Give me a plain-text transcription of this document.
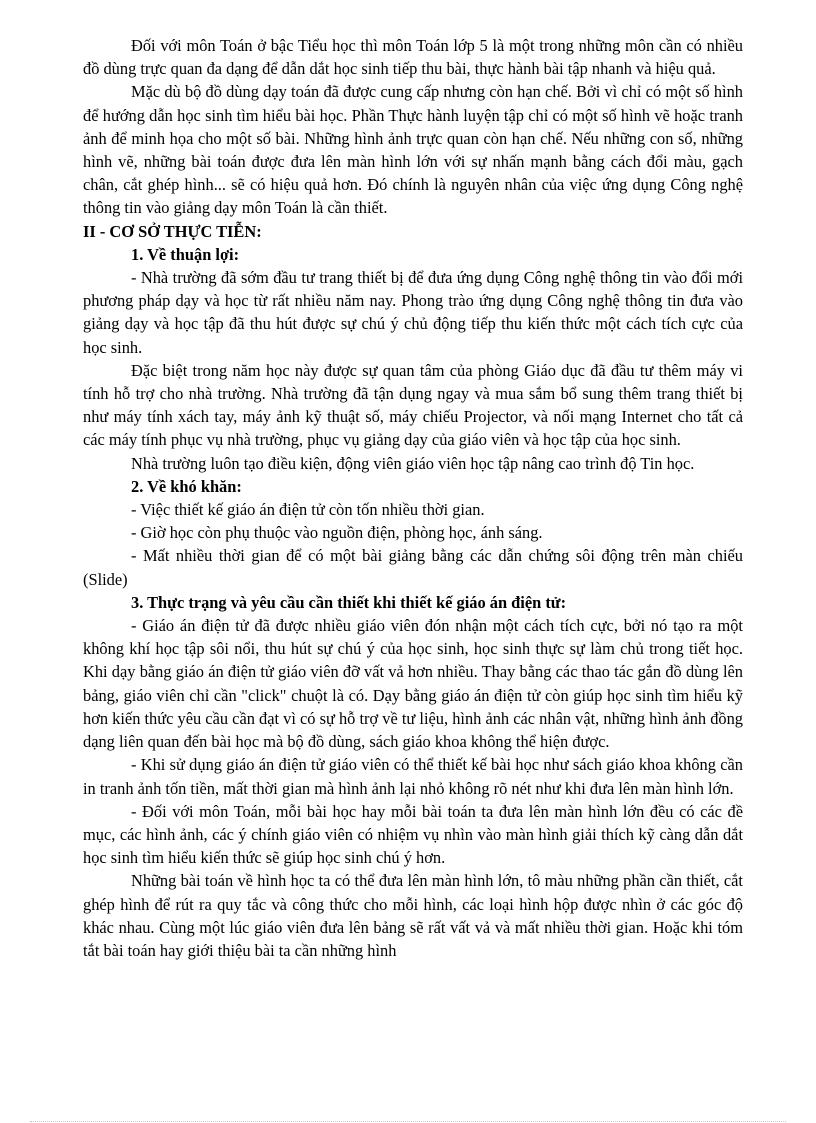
Đối với môn Toán ở bậc Tiểu học thì môn Toán lớp 5 là một trong những môn cần có nhiều đồ dùng trực quan đa dạng để dẫn dắt học sinh tiếp thu bài, thực hành bài tập nhanh và hiệu quả.

Mặc dù bộ đồ dùng dạy toán đã được cung cấp nhưng còn hạn chế. Bởi vì chỉ có một số hình để hướng dẫn học sinh tìm hiểu bài học. Phần Thực hành luyện tập chỉ có một số hình vẽ hoặc tranh ảnh để minh họa cho một số bài. Những hình ảnh trực quan còn hạn chế. Nếu những con số, những hình vẽ, những bài toán được đưa lên màn hình lớn với sự nhấn mạnh bằng cách đổi màu, gạch chân, cắt ghép hình... sẽ có hiệu quả hơn. Đó chính là nguyên nhân của việc ứng dụng Công nghệ thông tin vào giảng dạy môn Toán là cần thiết.

II - CƠ SỞ THỰC TIỄN:
1. Về thuận lợi:

- Nhà trường đã sớm đầu tư trang thiết bị để đưa ứng dụng Công nghệ thông tin vào đổi mới phương pháp dạy và học từ rất nhiều năm nay. Phong trào ứng dụng Công nghệ thông tin đưa vào giảng dạy và học tập đã thu hút được sự chú ý chủ động tiếp thu kiến thức một cách tích cực của học sinh.

Đặc biệt trong năm học này được sự quan tâm của phòng Giáo dục đã đầu tư thêm máy vi tính hỗ trợ cho nhà trường. Nhà trường đã tận dụng ngay và mua sắm bổ sung thêm trang thiết bị như máy tính xách tay, máy ảnh kỹ thuật số, máy chiếu Projector, và nối mạng Internet cho tất cả các máy tính phục vụ nhà trường, phục vụ giảng dạy của giáo viên và học tập của học sinh.

Nhà trường luôn tạo điều kiện, động viên giáo viên học tập nâng cao trình độ Tin học.

2. Về khó khăn:

- Việc thiết kế giáo án điện tử còn tốn nhiều thời gian.

- Giờ học còn phụ thuộc vào nguồn điện, phòng học, ánh sáng.

- Mất nhiều thời gian để có một bài giảng bằng các dẫn chứng sôi động trên màn chiếu (Slide)

3. Thực trạng và yêu cầu cần thiết khi thiết kế giáo án điện tử:

- Giáo án điện tử đã được nhiều giáo viên đón nhận một cách tích cực, bởi nó tạo ra một không khí học tập sôi nổi, thu hút sự chú ý của học sinh, học sinh thực sự làm chủ trong tiết học. Khi dạy bằng giáo án điện tử giáo viên đỡ vất vả hơn nhiều. Thay bằng các thao tác gắn đồ dùng lên bảng, giáo viên chỉ cần "click" chuột là có. Dạy bằng giáo án điện tử còn giúp học sinh tìm hiểu kỹ hơn kiến thức yêu cầu cần đạt vì có sự hỗ trợ về tư liệu, hình ảnh các nhân vật, những hình ảnh đồng dạng liên quan đến bài học mà bộ đồ dùng, sách giáo khoa không thể hiện được.

- Khi sử dụng giáo án điện tử giáo viên có thể thiết kế bài học như sách giáo khoa không cần in tranh ảnh tốn tiền, mất thời gian mà hình ảnh lại nhỏ không rõ nét như khi đưa lên màn hình lớn.

- Đối với môn Toán, mỗi bài học hay mỗi bài toán ta đưa lên màn hình lớn đều có các đề mục, các hình ảnh, các ý chính giáo viên có nhiệm vụ nhìn vào màn hình giải thích kỹ càng dẫn dắt học sinh tìm hiểu kiến thức sẽ giúp học sinh chú ý hơn.

Những bài toán về hình học ta có thể đưa lên màn hình lớn, tô màu những phần cần thiết, cắt ghép hình để rút ra quy tắc và công thức cho mỗi hình, các loại hình hộp được nhìn ở các góc độ khác nhau. Cùng một lúc giáo viên đưa lên bảng sẽ rất vất vả và mất nhiều thời gian. Hoặc khi tóm tắt bài toán hay giới thiệu bài ta cần những hình
